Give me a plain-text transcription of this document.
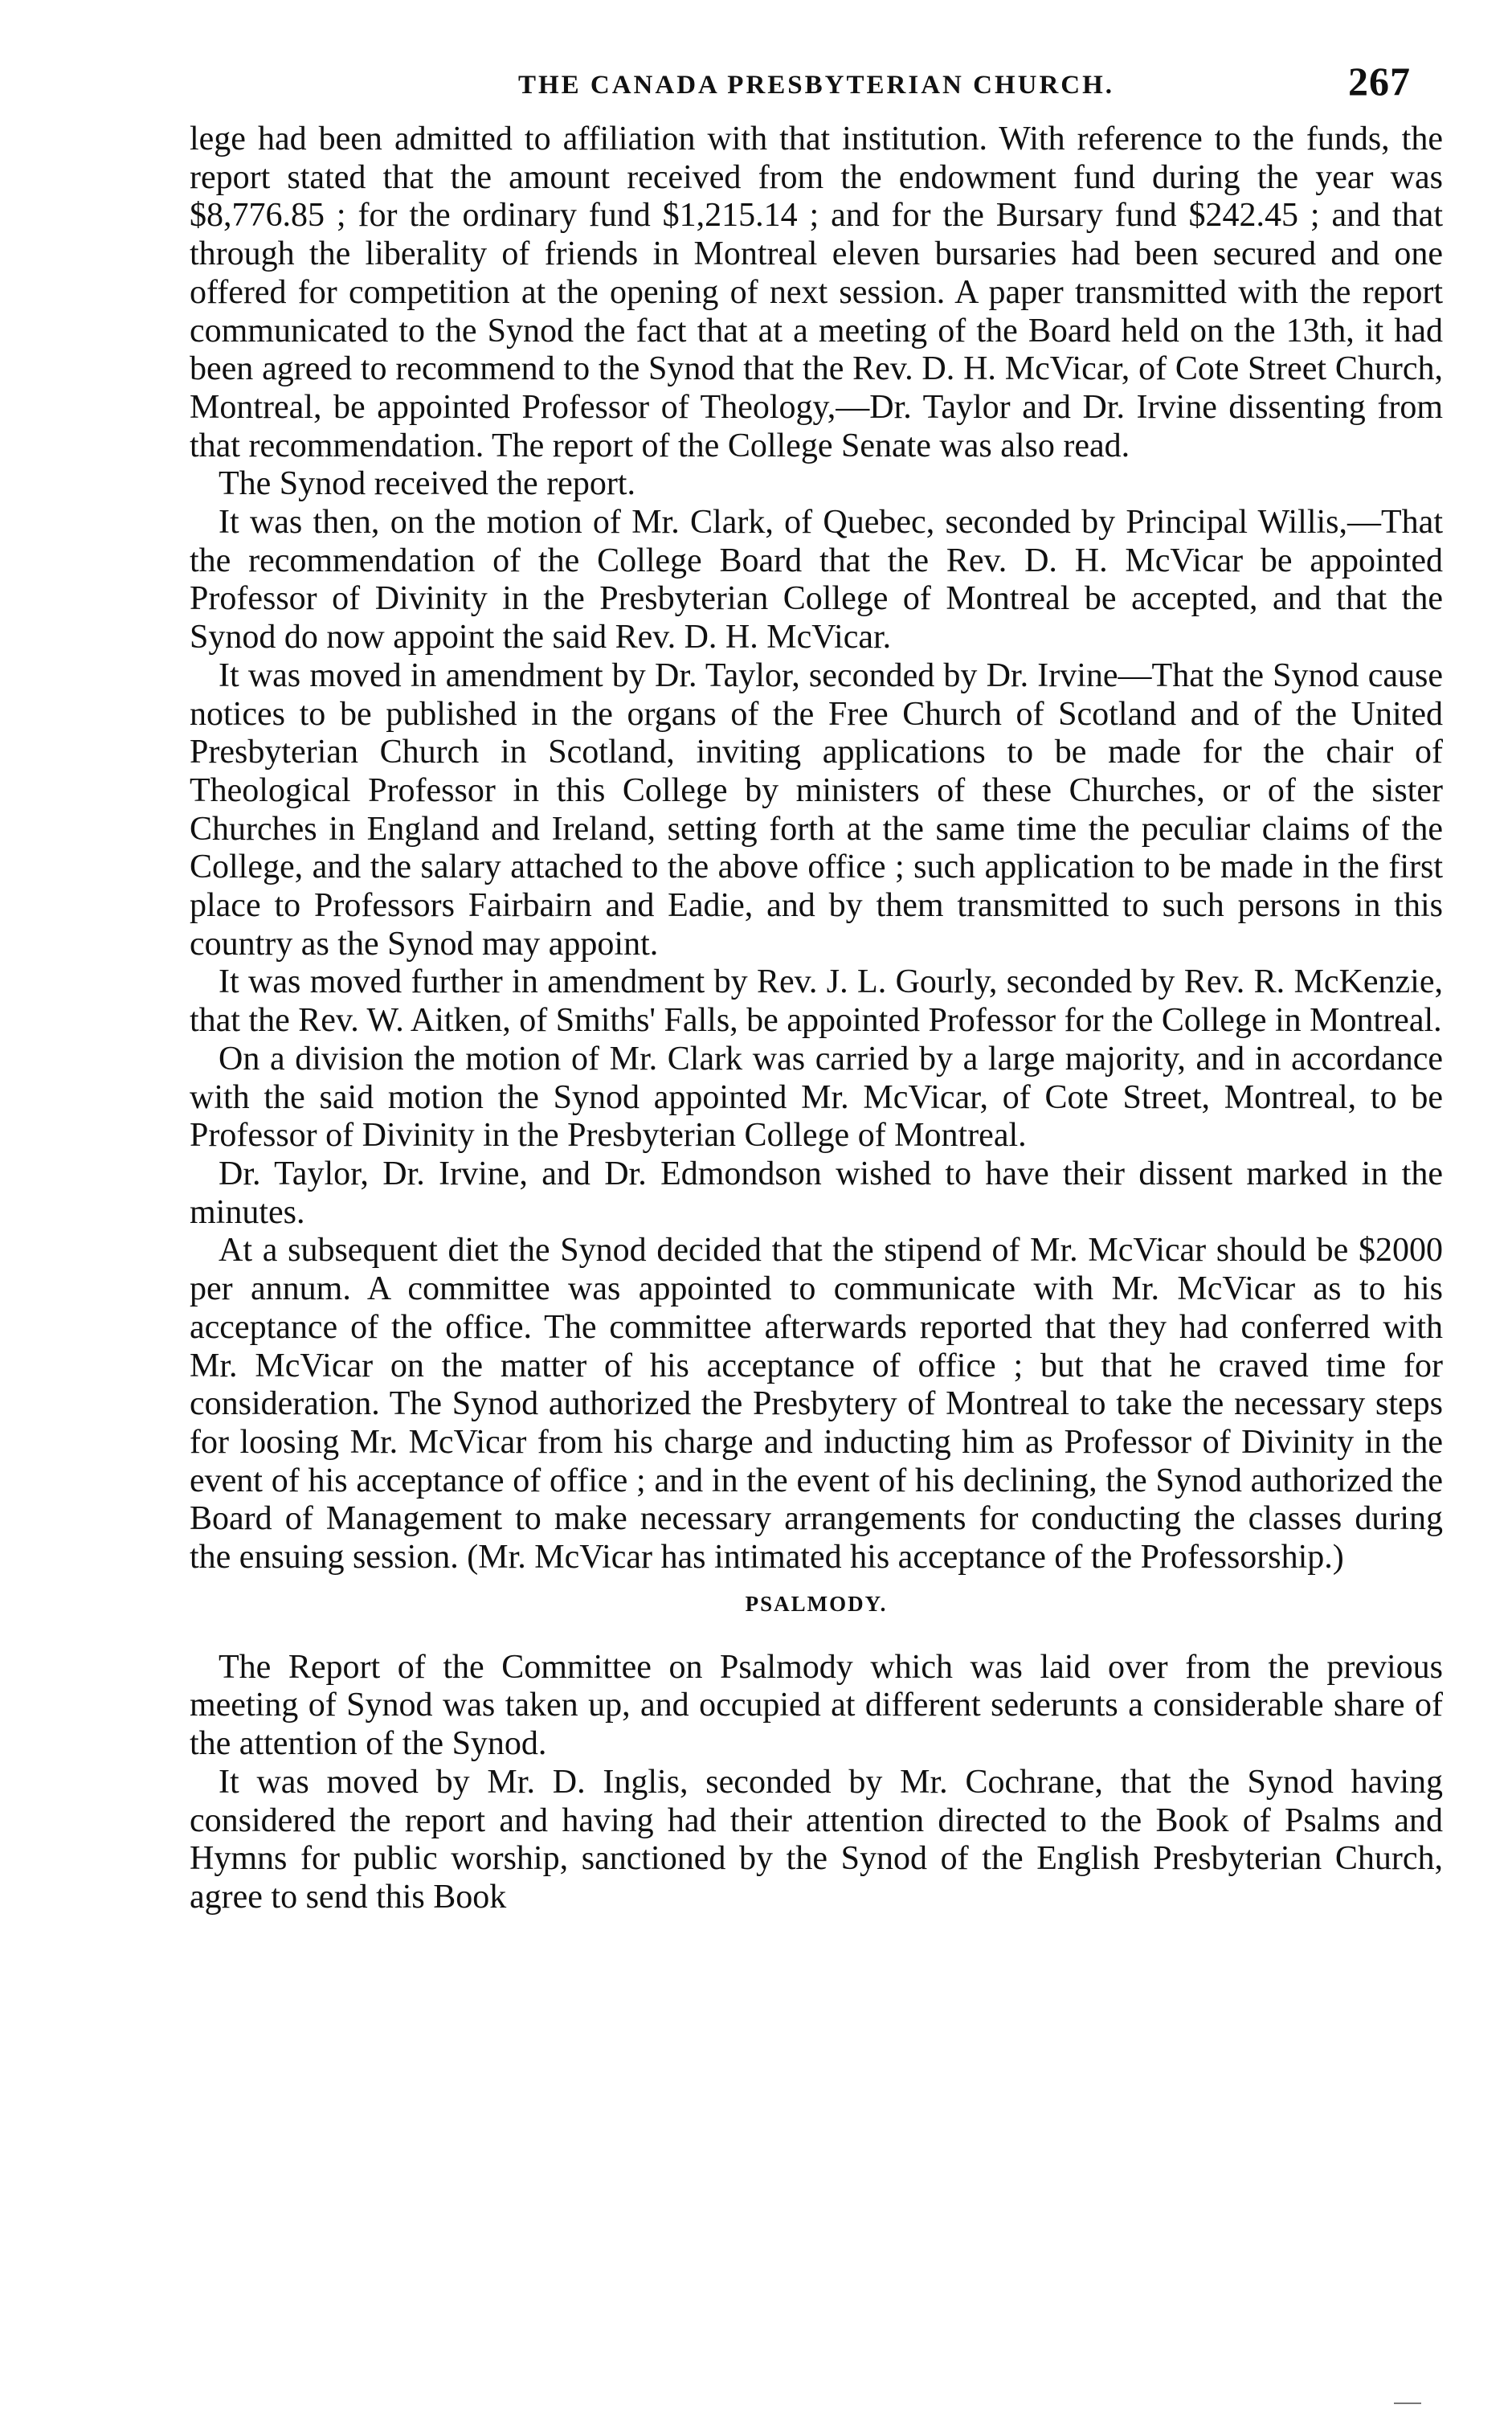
THE CANADA PRESBYTERIAN CHURCH.	267

lege had been admitted to affiliation with that institution. With reference to the funds, the report stated that the amount received from the endowment fund during the year was $8,776.85 ; for the ordinary fund $1,215.14 ; and for the Bursary fund $242.45 ; and that through the liberality of friends in Montreal eleven bursaries had been secured and one offered for competition at the opening of next session. A paper transmitted with the report communicated to the Synod the fact that at a meeting of the Board held on the 13th, it had been agreed to recommend to the Synod that the Rev. D. H. McVicar, of Cote Street Church, Montreal, be appointed Professor of Theology,—Dr. Taylor and Dr. Irvine dissenting from that recommendation. The report of the College Senate was also read.

The Synod received the report.

It was then, on the motion of Mr. Clark, of Quebec, seconded by Principal Willis,—That the recommendation of the College Board that the Rev. D. H. McVicar be appointed Professor of Divinity in the Presbyterian College of Montreal be accepted, and that the Synod do now appoint the said Rev. D. H. McVicar.

It was moved in amendment by Dr. Taylor, seconded by Dr. Irvine—That the Synod cause notices to be published in the organs of the Free Church of Scotland and of the United Presbyterian Church in Scotland, inviting applications to be made for the chair of Theological Professor in this College by ministers of these Churches, or of the sister Churches in England and Ireland, setting forth at the same time the peculiar claims of the College, and the salary attached to the above office ; such application to be made in the first place to Professors Fairbairn and Eadie, and by them transmitted to such persons in this country as the Synod may appoint.

It was moved further in amendment by Rev. J. L. Gourly, seconded by Rev. R. McKenzie, that the Rev. W. Aitken, of Smiths' Falls, be appointed Professor for the College in Montreal.

On a division the motion of Mr. Clark was carried by a large majority, and in accordance with the said motion the Synod appointed Mr. McVicar, of Cote Street, Montreal, to be Professor of Divinity in the Presbyterian College of Montreal.

Dr. Taylor, Dr. Irvine, and Dr. Edmondson wished to have their dissent marked in the minutes.

At a subsequent diet the Synod decided that the stipend of Mr. McVicar should be $2000 per annum. A committee was appointed to communicate with Mr. McVicar as to his acceptance of the office. The committee afterwards reported that they had conferred with Mr. McVicar on the matter of his acceptance of office ; but that he craved time for consideration. The Synod authorized the Presbytery of Montreal to take the necessary steps for loosing Mr. McVicar from his charge and inducting him as Professor of Divinity in the event of his acceptance of office ; and in the event of his declining, the Synod authorized the Board of Management to make necessary arrangements for conducting the classes during the ensuing session. (Mr. McVicar has intimated his acceptance of the Professorship.)

PSALMODY.

The Report of the Committee on Psalmody which was laid over from the previous meeting of Synod was taken up, and occupied at different sederunts a considerable share of the attention of the Synod.

It was moved by Mr. D. Inglis, seconded by Mr. Cochrane, that the Synod having considered the report and having had their attention directed to the Book of Psalms and Hymns for public worship, sanctioned by the Synod of the English Presbyterian Church, agree to send this Book
